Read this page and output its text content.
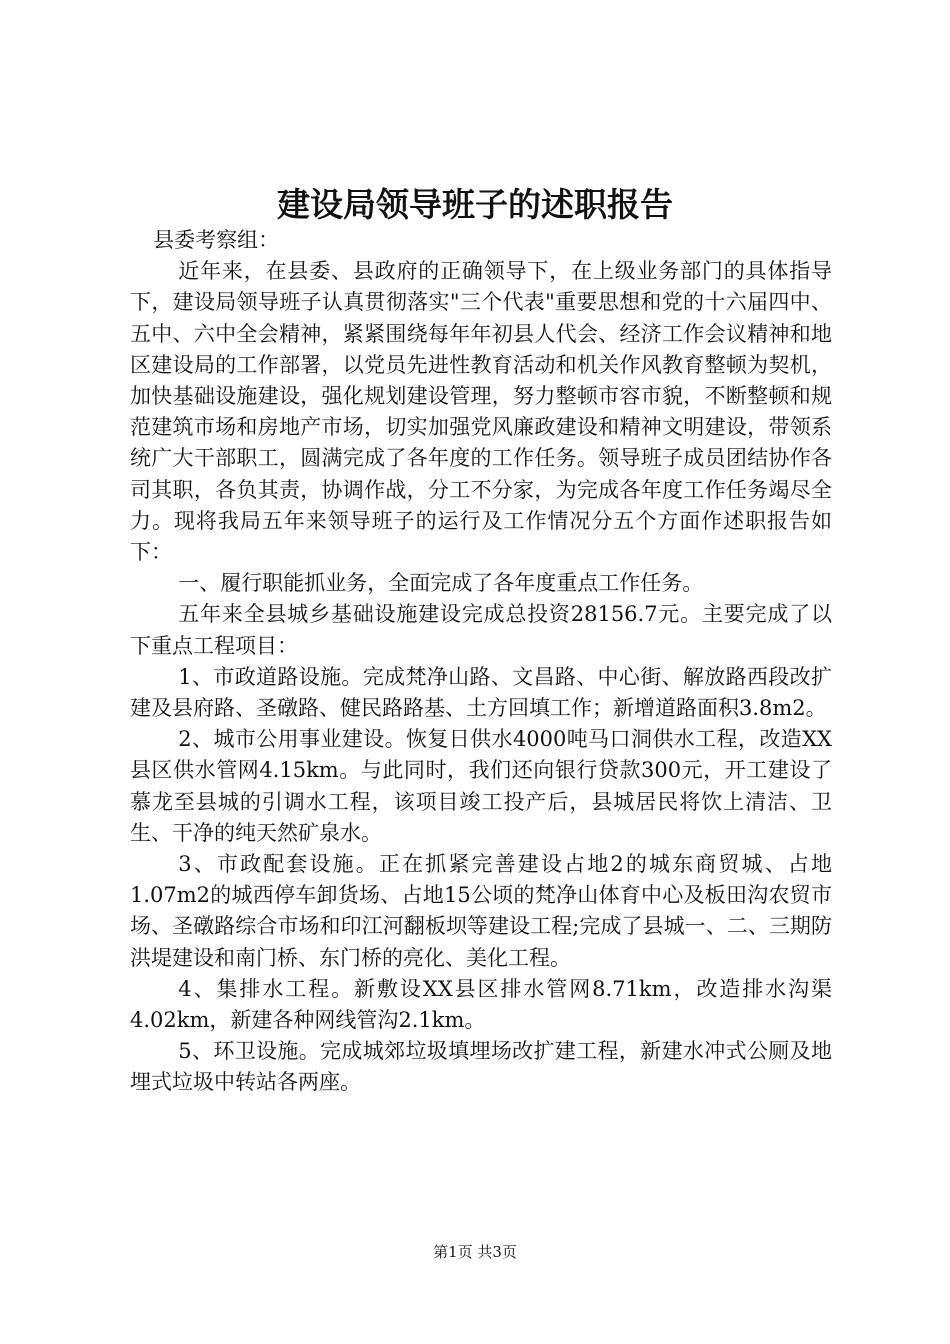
建设局领导班子的述职报告

县委考察组：

近年来，在县委、县政府的正确领导下，在上级业务部门的具体指导下，建设局领导班子认真贯彻落实"三个代表"重要思想和党的十六届四中、五中、六中全会精神，紧紧围绕每年年初县人代会、经济工作会议精神和地区建设局的工作部署，以党员先进性教育活动和机关作风教育整顿为契机，加快基础设施建设，强化规划建设管理，努力整顿市容市貌，不断整顿和规范建筑市场和房地产市场，切实加强党风廉政建设和精神文明建设，带领系统广大干部职工，圆满完成了各年度的工作任务。领导班子成员团结协作各司其职，各负其责，协调作战，分工不分家，为完成各年度工作任务竭尽全力。现将我局五年来领导班子的运行及工作情况分五个方面作述职报告如下：

一、履行职能抓业务，全面完成了各年度重点工作任务。

五年来全县城乡基础设施建设完成总投资28156.7元。主要完成了以下重点工程项目：

1、市政道路设施。完成梵净山路、文昌路、中心街、解放路西段改扩建及县府路、圣礅路、健民路路基、土方回填工作；新增道路面积3.8m2。

2、城市公用事业建设。恢复日供水4000吨马口洞供水工程，改造XX县区供水管网4.15km。与此同时，我们还向银行贷款300元，开工建设了慕龙至县城的引调水工程，该项目竣工投产后，县城居民将饮上清洁、卫生、干净的纯天然矿泉水。

3、市政配套设施。正在抓紧完善建设占地2的城东商贸城、占地1.07m2的城西停车卸货场、占地15公顷的梵净山体育中心及板田沟农贸市场、圣礅路综合市场和印江河翻板坝等建设工程;完成了县城一、二、三期防洪堤建设和南门桥、东门桥的亮化、美化工程。

4、集排水工程。新敷设XX县区排水管网8.71km，改造排水沟渠4.02km，新建各种网线管沟2.1km。

5、环卫设施。完成城郊垃圾填埋场改扩建工程，新建水冲式公厕及地埋式垃圾中转站各两座。

第1页 共3页
